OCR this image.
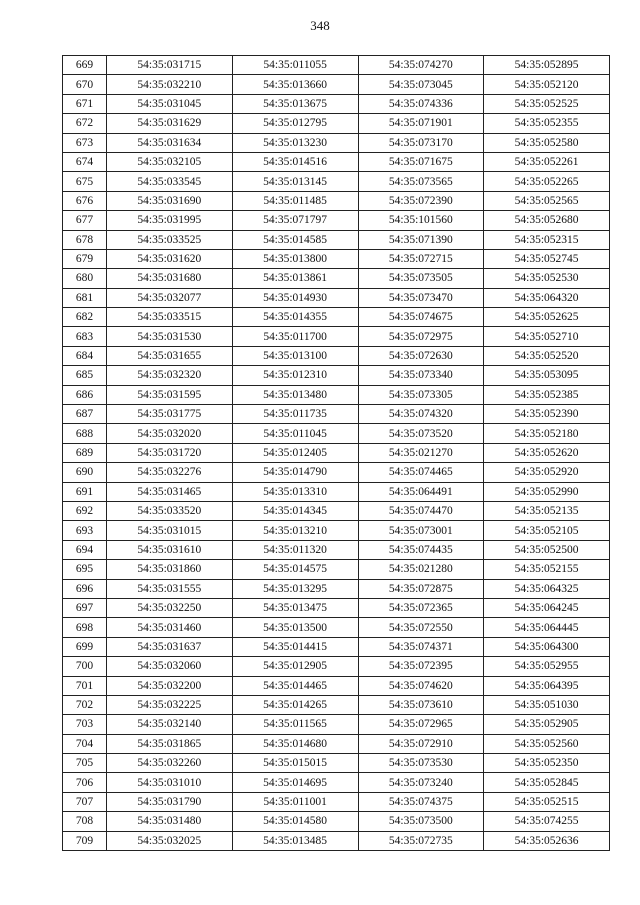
348
669	54:35:031715	54:35:011055	54:35:074270	54:35:052895
670	54:35:032210	54:35:013660	54:35:073045	54:35:052120
671	54:35:031045	54:35:013675	54:35:074336	54:35:052525
672	54:35:031629	54:35:012795	54:35:071901	54:35:052355
673	54:35:031634	54:35:013230	54:35:073170	54:35:052580
674	54:35:032105	54:35:014516	54:35:071675	54:35:052261
675	54:35:033545	54:35:013145	54:35:073565	54:35:052265
676	54:35:031690	54:35:011485	54:35:072390	54:35:052565
677	54:35:031995	54:35:071797	54:35:101560	54:35:052680
678	54:35:033525	54:35:014585	54:35:071390	54:35:052315
679	54:35:031620	54:35:013800	54:35:072715	54:35:052745
680	54:35:031680	54:35:013861	54:35:073505	54:35:052530
681	54:35:032077	54:35:014930	54:35:073470	54:35:064320
682	54:35:033515	54:35:014355	54:35:074675	54:35:052625
683	54:35:031530	54:35:011700	54:35:072975	54:35:052710
684	54:35:031655	54:35:013100	54:35:072630	54:35:052520
685	54:35:032320	54:35:012310	54:35:073340	54:35:053095
686	54:35:031595	54:35:013480	54:35:073305	54:35:052385
687	54:35:031775	54:35:011735	54:35:074320	54:35:052390
688	54:35:032020	54:35:011045	54:35:073520	54:35:052180
689	54:35:031720	54:35:012405	54:35:021270	54:35:052620
690	54:35:032276	54:35:014790	54:35:074465	54:35:052920
691	54:35:031465	54:35:013310	54:35:064491	54:35:052990
692	54:35:033520	54:35:014345	54:35:074470	54:35:052135
693	54:35:031015	54:35:013210	54:35:073001	54:35:052105
694	54:35:031610	54:35:011320	54:35:074435	54:35:052500
695	54:35:031860	54:35:014575	54:35:021280	54:35:052155
696	54:35:031555	54:35:013295	54:35:072875	54:35:064325
697	54:35:032250	54:35:013475	54:35:072365	54:35:064245
698	54:35:031460	54:35:013500	54:35:072550	54:35:064445
699	54:35:031637	54:35:014415	54:35:074371	54:35:064300
700	54:35:032060	54:35:012905	54:35:072395	54:35:052955
701	54:35:032200	54:35:014465	54:35:074620	54:35:064395
702	54:35:032225	54:35:014265	54:35:073610	54:35:051030
703	54:35:032140	54:35:011565	54:35:072965	54:35:052905
704	54:35:031865	54:35:014680	54:35:072910	54:35:052560
705	54:35:032260	54:35:015015	54:35:073530	54:35:052350
706	54:35:031010	54:35:014695	54:35:073240	54:35:052845
707	54:35:031790	54:35:011001	54:35:074375	54:35:052515
708	54:35:031480	54:35:014580	54:35:073500	54:35:074255
709	54:35:032025	54:35:013485	54:35:072735	54:35:052636
